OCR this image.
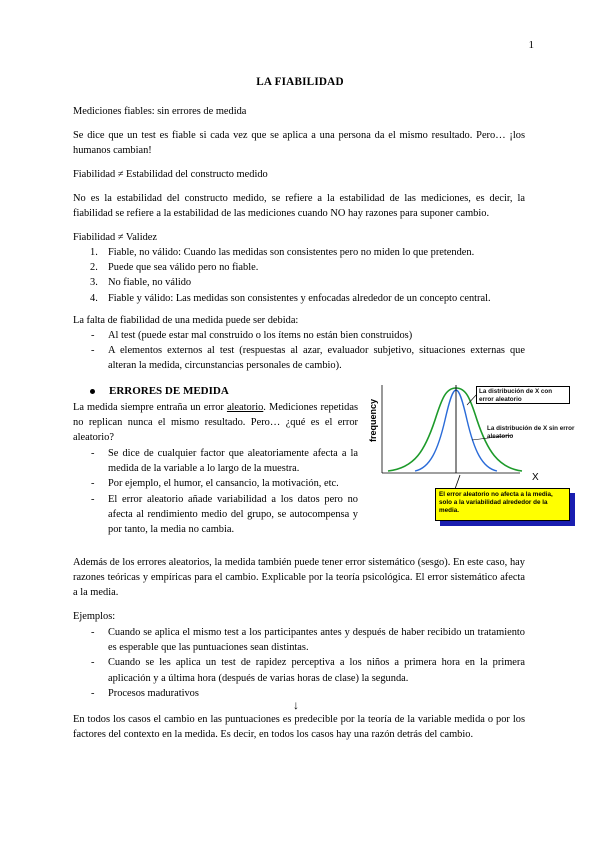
1
LA FIABILIDAD
Mediciones fiables: sin errores de medida
Se dice que un test es fiable si cada vez que se aplica a una persona da el mismo resultado. Pero… ¡los humanos cambian!
Fiabilidad ≠ Estabilidad del constructo medido
No es la estabilidad del constructo medido, se refiere a la estabilidad de las mediciones, es decir, la fiabilidad se refiere a la estabilidad de las mediciones cuando NO hay razones para suponer cambio.
Fiabilidad ≠ Validez
1. Fiable, no válido: Cuando las medidas son consistentes pero no miden lo que pretenden.
2. Puede que sea válido pero no fiable.
3. No fiable, no válido
4. Fiable y válido: Las medidas son consistentes y enfocadas alrededor de un concepto central.
La falta de fiabilidad de una medida puede ser debida:
- Al test (puede estar mal construido o los ítems no están bien construidos)
- A elementos externos al test (respuestas al azar, evaluador subjetivo, situaciones externas que alteran la medida, circunstancias personales de cambio).
ERRORES DE MEDIDA
La medida siempre entraña un error aleatorio. Mediciones repetidas no replican nunca el mismo resultado. Pero… ¿qué es el error aleatorio?
- Se dice de cualquier factor que aleatoriamente afecta a la medida de la variable a lo largo de la muestra.
- Por ejemplo, el humor, el cansancio, la motivación, etc.
- El error aleatorio añade variabilidad a los datos pero no afecta al rendimiento medio del grupo, se autocompensa y por tanto, la media no cambia.
frequency
X
La distribución de X con error aleatorio
La distribución de X sin error aleatorio
El error aleatorio no afecta a la media, solo a la variabilidad alrededor de la media.
Además de los errores aleatorios, la medida también puede tener error sistemático (sesgo). En este caso, hay razones teóricas y empíricas para el cambio. Explicable por la teoría psicológica. El error sistemático afecta a la media.
Ejemplos:
- Cuando se aplica el mismo test a los participantes antes y después de haber recibido un tratamiento es esperable que las puntuaciones sean distintas.
- Cuando se les aplica un test de rapidez perceptiva a los niños a primera hora en la primera aplicación y a última hora (después de varias horas de clase) la segunda.
- Procesos madurativos
↓
En todos los casos el cambio en las puntuaciones es predecible por la teoría de la variable medida o por los factores del contexto en la medida. Es decir, en todos los casos hay una razón detrás del cambio.
